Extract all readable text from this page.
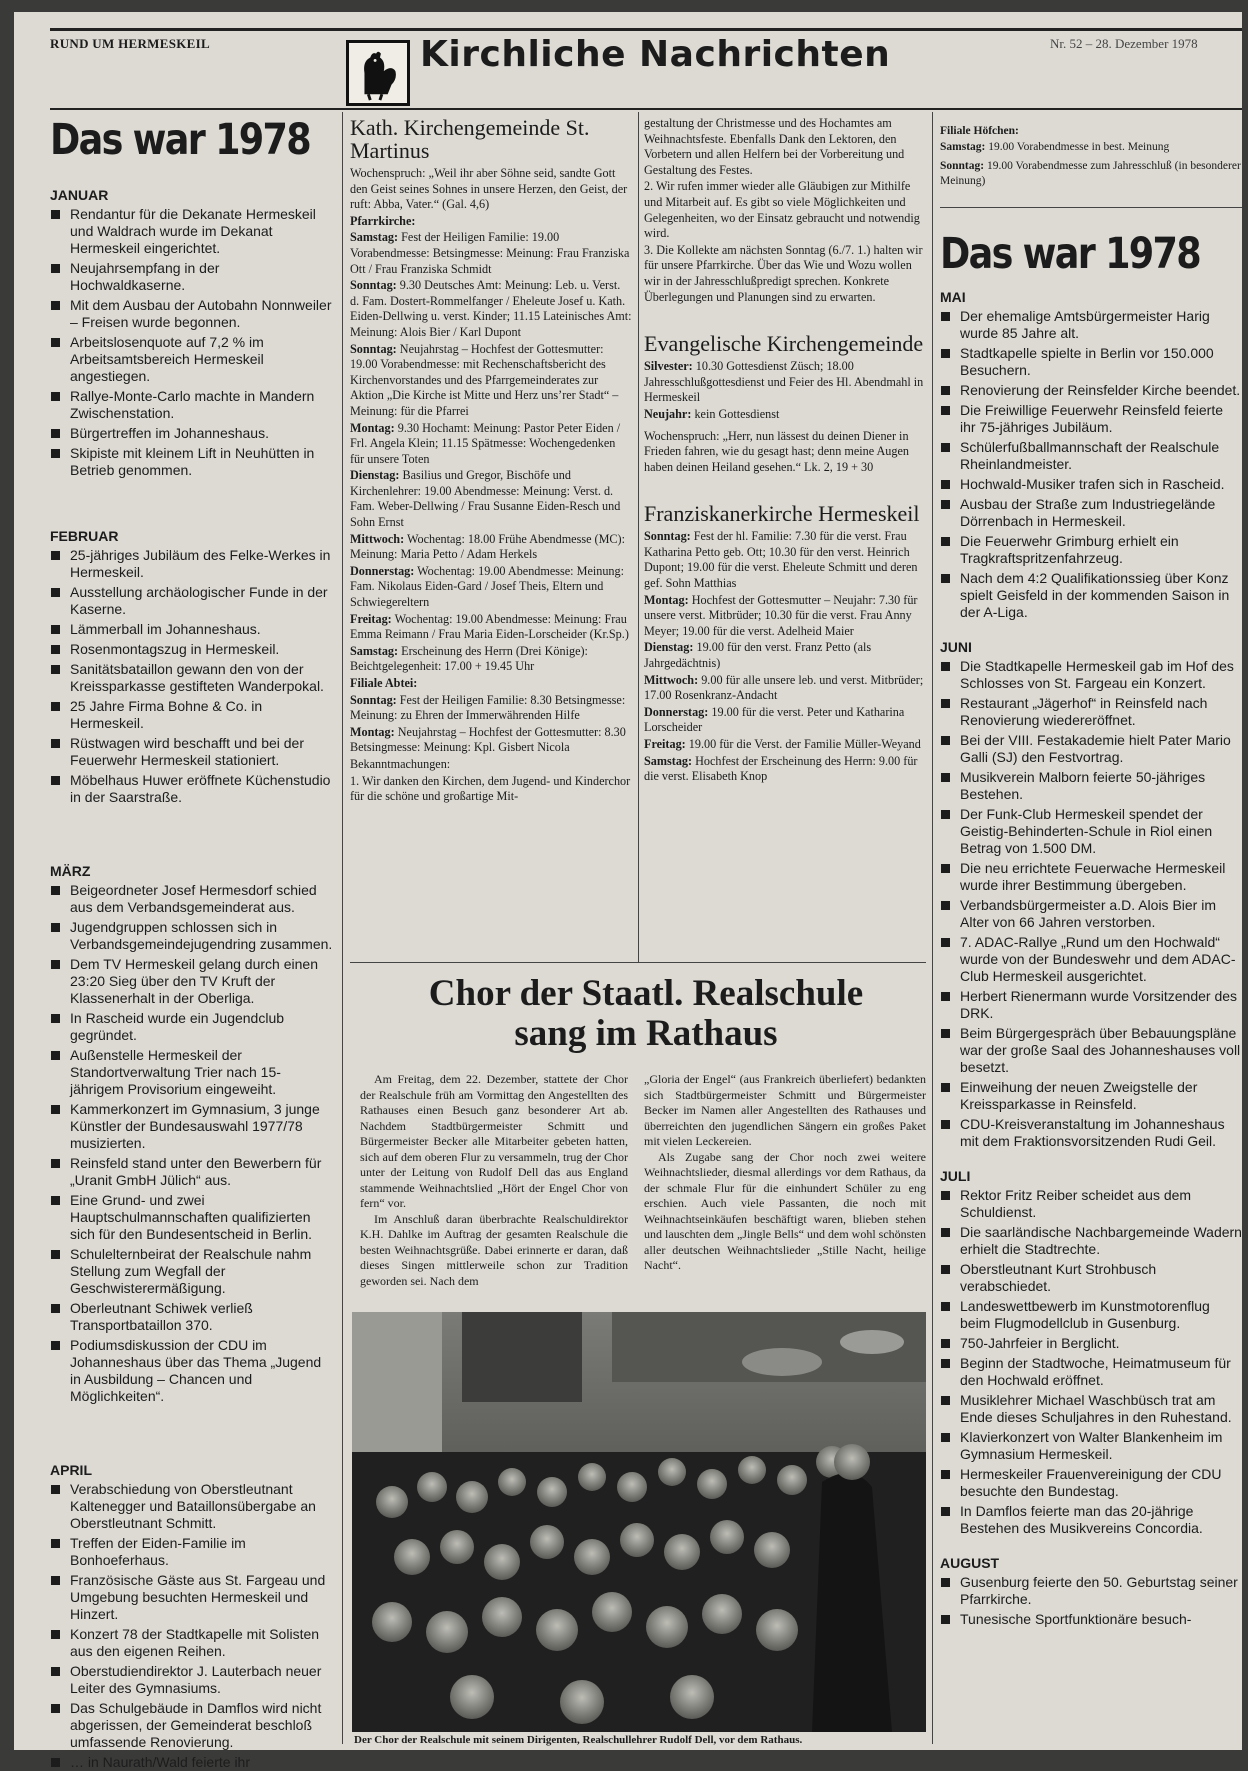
RUND UM HERMESKEIL	Kirchliche Nachrichten	Nr. 52 – 28. Dezember 1978
Das war 1978
JANUAR
Rendantur für die Dekanate Hermeskeil und Waldrach wurde im Dekanat Hermeskeil eingerichtet.
Neujahrsempfang in der Hochwaldkaserne.
Mit dem Ausbau der Autobahn Nonnweiler – Freisen wurde begonnen.
Arbeitslosenquote auf 7,2 % im Arbeitsamtsbereich Hermeskeil angestiegen.
Rallye-Monte-Carlo machte in Mandern Zwischenstation.
Bürgertreffen im Johanneshaus.
Skipiste mit kleinem Lift in Neuhütten in Betrieb genommen.
FEBRUAR
25-jähriges Jubiläum des Felke-Werkes in Hermeskeil.
Ausstellung archäologischer Funde in der Kaserne.
Lämmerball im Johanneshaus.
Rosenmontagszug in Hermeskeil.
Sanitätsbataillon gewann den von der Kreissparkasse gestifteten Wanderpokal.
25 Jahre Firma Bohne & Co. in Hermeskeil.
Rüstwagen wird beschafft und bei der Feuerwehr Hermeskeil stationiert.
Möbelhaus Huwer eröffnete Küchenstudio in der Saarstraße.
MÄRZ
Beigeordneter Josef Hermesdorf schied aus dem Verbandsgemeinderat aus.
Jugendgruppen schlossen sich in Verbandsgemeindejugendring zusammen.
Dem TV Hermeskeil gelang durch einen 23:20 Sieg über den TV Kruft der Klassenerhalt in der Oberliga.
In Rascheid wurde ein Jugendclub gegründet.
Außenstelle Hermeskeil der Standortverwaltung Trier nach 15-jährigem Provisorium eingeweiht.
Kammerkonzert im Gymnasium, 3 junge Künstler der Bundesauswahl 1977/78 musizierten.
Reinsfeld stand unter den Bewerbern für „Uranit GmbH Jülich“ aus.
Eine Grund- und zwei Hauptschulmannschaften qualifizierten sich für den Bundesentscheid in Berlin.
Schulelternbeirat der Realschule nahm Stellung zum Wegfall der Geschwisterermäßigung.
Oberleutnant Schiwek verließ Transportbataillon 370.
Podiumsdiskussion der CDU im Johanneshaus über das Thema „Jugend in Ausbildung – Chancen und Möglichkeiten“.
APRIL
Verabschiedung von Oberstleutnant Kaltenegger und Bataillonsübergabe an Oberstleutnant Schmitt.
Treffen der Eiden-Familie im Bonhoeferhaus.
Französische Gäste aus St. Fargeau und Umgebung besuchten Hermeskeil und Hinzert.
Konzert 78 der Stadtkapelle mit Solisten aus den eigenen Reihen.
Oberstudiendirektor J. Lauterbach neuer Leiter des Gymnasiums.
Das Schulgebäude in Damflos wird nicht abgerissen, der Gemeinderat beschloß umfassende Renovierung.
… in Naurath/Wald feierte ihr
Kath. Kirchengemeinde St. Martinus

Wochenspruch: „Weil ihr aber Söhne seid, sandte Gott den Geist seines Sohnes in unsere Herzen, den Geist, der ruft: Abba, Vater.“ (Gal. 4,6)

Pfarrkirche:

Samstag: Fest der Heiligen Familie: 19.00 Vorabendmesse: Betsingmesse: Meinung: Frau Franziska Ott / Frau Franziska Schmidt

Sonntag: 9.30 Deutsches Amt: Meinung: Leb. u. Verst. d. Fam. Dostert-Rommelfanger / Eheleute Josef u. Kath. Eiden-Dellwing u. verst. Kinder; 11.15 Lateinisches Amt: Meinung: Alois Bier / Karl Dupont

Sonntag: Neujahrstag – Hochfest der Gottesmutter: 19.00 Vorabendmesse: mit Rechenschaftsbericht des Kirchenvorstandes und des Pfarrgemeinderates zur Aktion „Die Kirche ist Mitte und Herz uns’rer Stadt“ – Meinung: für die Pfarrei

Montag: 9.30 Hochamt: Meinung: Pastor Peter Eiden / Frl. Angela Klein; 11.15 Spätmesse: Wochengedenken für unsere Toten

Dienstag: Basilius und Gregor, Bischöfe und Kirchenlehrer: 19.00 Abendmesse: Meinung: Verst. d. Fam. Weber-Dellwing / Frau Susanne Eiden-Resch und Sohn Ernst

Mittwoch: Wochentag: 18.00 Frühe Abendmesse (MC): Meinung: Maria Petto / Adam Herkels

Donnerstag: Wochentag: 19.00 Abendmesse: Meinung: Fam. Nikolaus Eiden-Gard / Josef Theis, Eltern und Schwiegereltern

Freitag: Wochentag: 19.00 Abendmesse: Meinung: Frau Emma Reimann / Frau Maria Eiden-Lorscheider (Kr.Sp.)

Samstag: Erscheinung des Herrn (Drei Könige): Beichtgelegenheit: 17.00 + 19.45 Uhr

Filiale Abtei:

Sonntag: Fest der Heiligen Familie: 8.30 Betsingmesse: Meinung: zu Ehren der Immerwährenden Hilfe

Montag: Neujahrstag – Hochfest der Gottesmutter: 8.30 Betsingmesse: Meinung: Kpl. Gisbert Nicola

Bekanntmachungen:

1. Wir danken den Kirchen, dem Jugend- und Kinderchor für die schöne und großartige Mit-

gestaltung der Christmesse und des Hochamtes am Weihnachtsfeste. Ebenfalls Dank den Lektoren, den Vorbetern und allen Helfern bei der Vorbereitung und Gestaltung des Festes.

2. Wir rufen immer wieder alle Gläubigen zur Mithilfe und Mitarbeit auf. Es gibt so viele Möglichkeiten und Gelegenheiten, wo der Einsatz gebraucht und notwendig wird.

3. Die Kollekte am nächsten Sonntag (6./7. 1.) halten wir für unsere Pfarrkirche. Über das Wie und Wozu wollen wir in der Jahresschlußpredigt sprechen. Konkrete Überlegungen und Planungen sind zu erwarten.

Evangelische Kirchengemeinde

Silvester: 10.30 Gottesdienst Züsch; 18.00 Jahresschlußgottesdienst und Feier des Hl. Abendmahl in Hermeskeil

Neujahr: kein Gottesdienst

Wochenspruch: „Herr, nun lässest du deinen Diener in Frieden fahren, wie du gesagt hast; denn meine Augen haben deinen Heiland gesehen.“ Lk. 2, 19 + 30

Franziskanerkirche Hermeskeil

Sonntag: Fest der hl. Familie: 7.30 für die verst. Frau Katharina Petto geb. Ott; 10.30 für den verst. Heinrich Dupont; 19.00 für die verst. Eheleute Schmitt und deren gef. Sohn Matthias

Montag: Hochfest der Gottesmutter – Neujahr: 7.30 für unsere verst. Mitbrüder; 10.30 für die verst. Frau Anny Meyer; 19.00 für die verst. Adelheid Maier

Dienstag: 19.00 für den verst. Franz Petto (als Jahrgedächtnis)

Mittwoch: 9.00 für alle unsere leb. und verst. Mitbrüder; 17.00 Rosenkranz-Andacht

Donnerstag: 19.00 für die verst. Peter und Katharina Lorscheider

Freitag: 19.00 für die Verst. der Familie Müller-Weyand

Samstag: Hochfest der Erscheinung des Herrn: 9.00 für die verst. Elisabeth Knop

Filiale Höfchen:

Samstag: 19.00 Vorabendmesse in best. Meinung

Sonntag: 19.00 Vorabendmesse zum Jahresschluß (in besonderer Meinung)

Das war 1978
MAI
Der ehemalige Amtsbürgermeister Harig wurde 85 Jahre alt.
Stadtkapelle spielte in Berlin vor 150.000 Besuchern.
Renovierung der Reinsfelder Kirche beendet.
Die Freiwillige Feuerwehr Reinsfeld feierte ihr 75-jähriges Jubiläum.
Schülerfußballmannschaft der Realschule Rheinlandmeister.
Hochwald-Musiker trafen sich in Rascheid.
Ausbau der Straße zum Industriegelände Dörrenbach in Hermeskeil.
Die Feuerwehr Grimburg erhielt ein Tragkraftspritzenfahrzeug.
Nach dem 4:2 Qualifikationssieg über Konz spielt Geisfeld in der kommenden Saison in der A-Liga.
JUNI
Die Stadtkapelle Hermeskeil gab im Hof des Schlosses von St. Fargeau ein Konzert.
Restaurant „Jägerhof“ in Reinsfeld nach Renovierung wiedereröffnet.
Bei der VIII. Festakademie hielt Pater Mario Galli (SJ) den Festvortrag.
Musikverein Malborn feierte 50-jähriges Bestehen.
Der Funk-Club Hermeskeil spendet der Geistig-Behinderten-Schule in Riol einen Betrag von 1.500 DM.
Die neu errichtete Feuerwache Hermeskeil wurde ihrer Bestimmung übergeben.
Verbandsbürgermeister a.D. Alois Bier im Alter von 66 Jahren verstorben.
7. ADAC-Rallye „Rund um den Hochwald“ wurde von der Bundeswehr und dem ADAC-Club Hermeskeil ausgerichtet.
Herbert Rienermann wurde Vorsitzender des DRK.
Beim Bürgergespräch über Bebauungspläne war der große Saal des Johanneshauses voll besetzt.
Einweihung der neuen Zweigstelle der Kreissparkasse in Reinsfeld.
CDU-Kreisveranstaltung im Johanneshaus mit dem Fraktionsvorsitzenden Rudi Geil.
JULI
Rektor Fritz Reiber scheidet aus dem Schuldienst.
Die saarländische Nachbargemeinde Wadern erhielt die Stadtrechte.
Oberstleutnant Kurt Strohbusch verabschiedet.
Landeswettbewerb im Kunstmotorenflug beim Flugmodellclub in Gusenburg.
750-Jahrfeier in Berglicht.
Beginn der Stadtwoche, Heimatmuseum für den Hochwald eröffnet.
Musiklehrer Michael Waschbüsch trat am Ende dieses Schuljahres in den Ruhestand.
Klavierkonzert von Walter Blankenheim im Gymnasium Hermeskeil.
Hermeskeiler Frauenvereinigung der CDU besuchte den Bundestag.
In Damflos feierte man das 20-jährige Bestehen des Musikvereins Concordia.
AUGUST
Gusenburg feierte den 50. Geburtstag seiner Pfarrkirche.
Tunesische Sportfunktionäre besuch-
Chor der Staatl. Realschule
sang im Rathaus

Am Freitag, dem 22. Dezember, stattete der Chor der Realschule früh am Vormittag den Angestellten des Rathauses einen Besuch ganz besonderer Art ab. Nachdem Stadtbürgermeister Schmitt und Bürgermeister Becker alle Mitarbeiter gebeten hatten, sich auf dem oberen Flur zu versammeln, trug der Chor unter der Leitung von Rudolf Dell das aus England stammende Weihnachtslied „Hört der Engel Chor von fern“ vor.

Im Anschluß daran überbrachte Realschuldirektor K.H. Dahlke im Auftrag der gesamten Realschule die besten Weihnachtsgrüße. Dabei erinnerte er daran, daß dieses Singen mittlerweile schon zur Tradition geworden sei. Nach dem

„Gloria der Engel“ (aus Frankreich überliefert) bedankten sich Stadtbürgermeister Schmitt und Bürgermeister Becker im Namen aller Angestellten des Rathauses und überreichten den jugendlichen Sängern ein großes Paket mit vielen Leckereien.

Als Zugabe sang der Chor noch zwei weitere Weihnachtslieder, diesmal allerdings vor dem Rathaus, da der schmale Flur für die einhundert Schüler zu eng erschien. Auch viele Passanten, die noch mit Weihnachtseinkäufen beschäftigt waren, blieben stehen und lauschten dem „Jingle Bells“ und dem wohl schönsten aller deutschen Weihnachtslieder „Stille Nacht, heilige Nacht“.

Der Chor der Realschule mit seinem Dirigenten, Realschullehrer Rudolf Dell, vor dem Rathaus.
